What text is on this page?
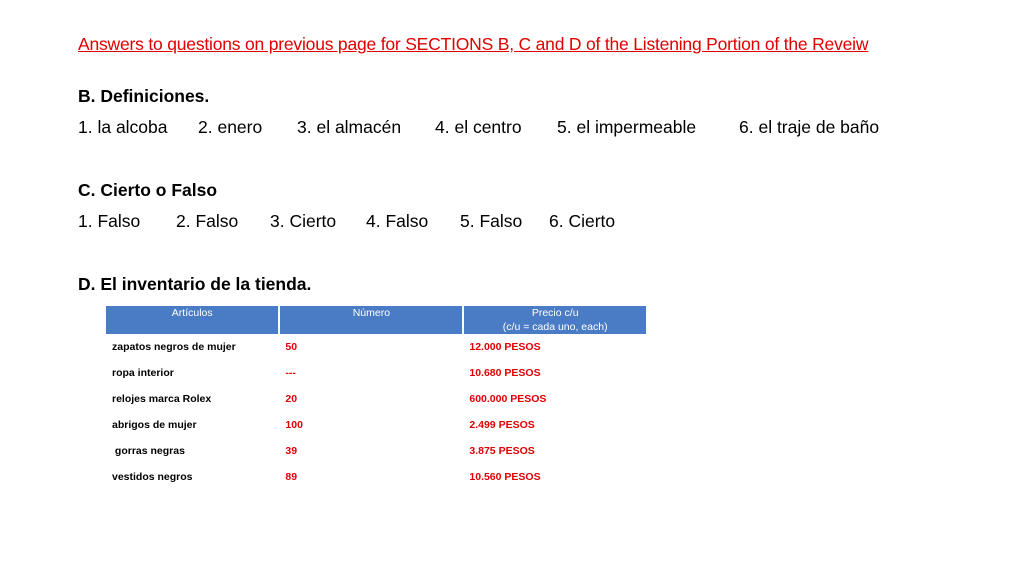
Answers to questions on previous page for SECTIONS B, C and D of the Listening Portion of the Reveiw
B. Definiciones.
1. la alcoba 2. enero 3. el almacén 4. el centro 5. el impermeable 6. el traje de baño
C. Cierto o Falso
1. Falso 2. Falso 3. Cierto 4. Falso 5. Falso 6. Cierto
D. El inventario de la tienda.
Artículos	Número	Precio c/u
(c/u = cada uno, each)
zapatos negros de mujer	50	12.000 PESOS
ropa interior	---	10.680 PESOS
relojes marca Rolex	20	600.000 PESOS
abrigos de mujer	100	2.499 PESOS
gorras negras	39	3.875 PESOS
vestidos negros	89	10.560 PESOS
